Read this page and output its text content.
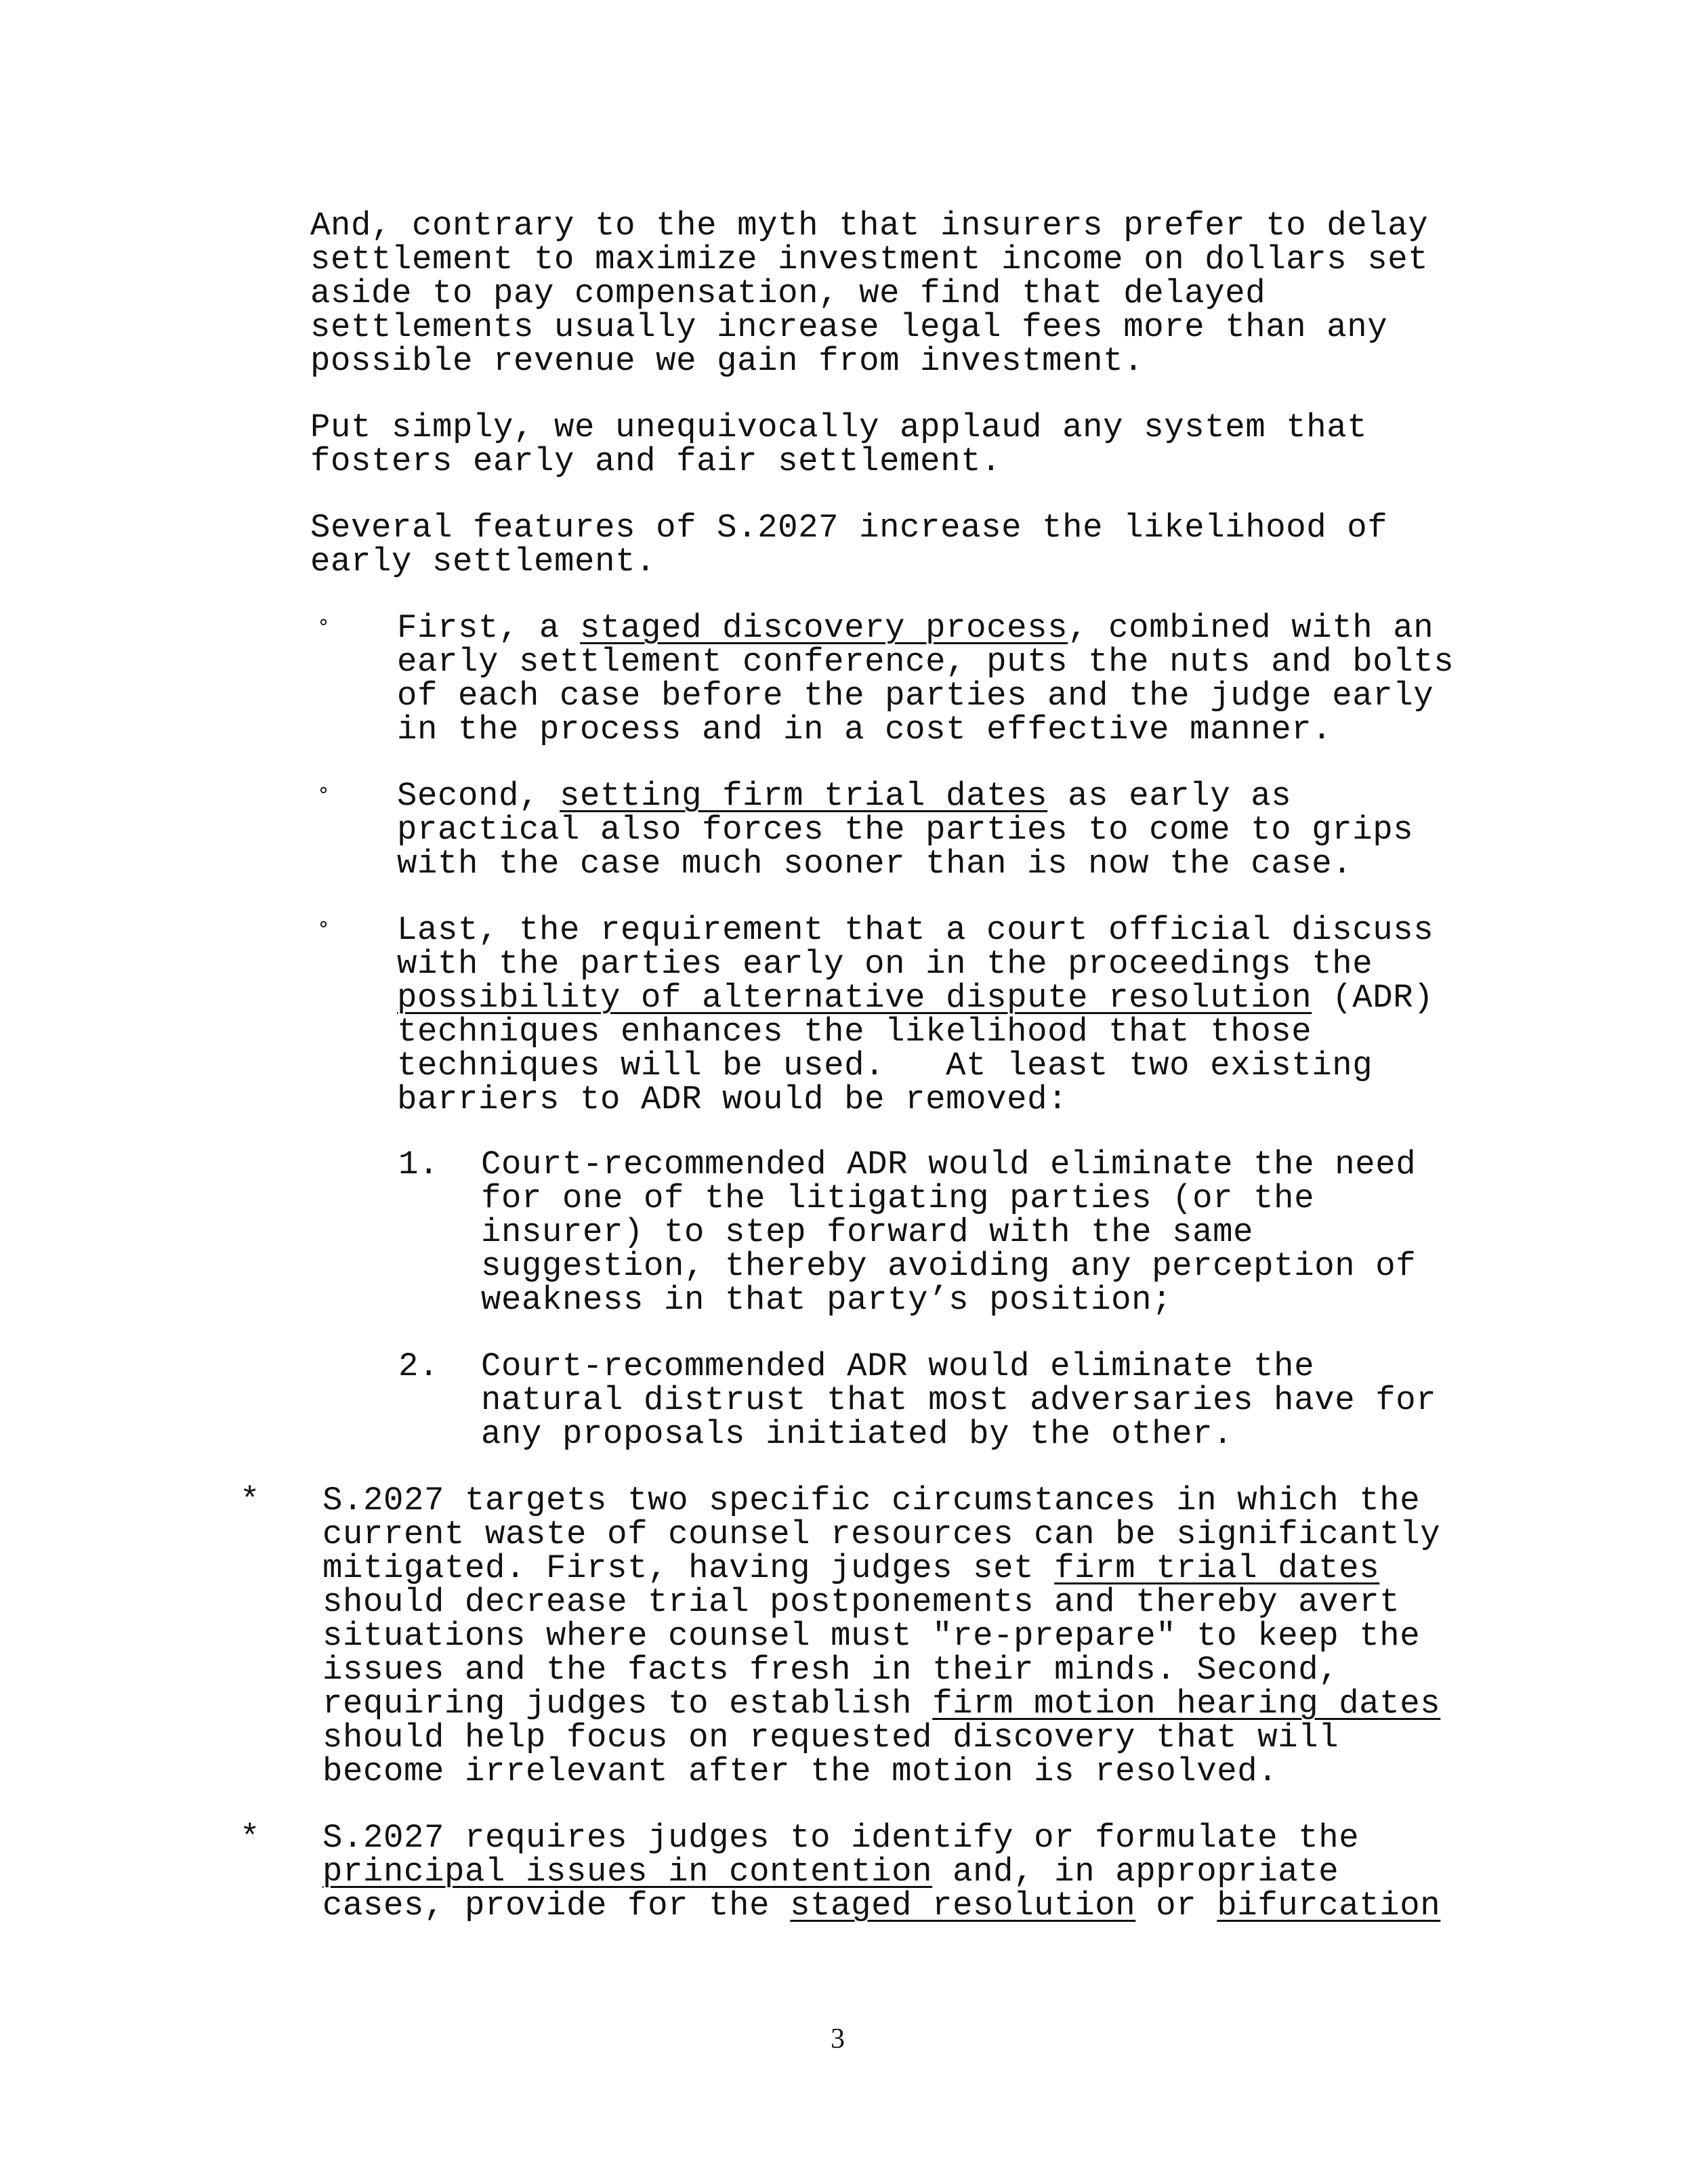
And, contrary to the myth that insurers prefer to delay
settlement to maximize investment income on dollars set
aside to pay compensation, we find that delayed
settlements usually increase legal fees more than any
possible revenue we gain from investment.
Put simply, we unequivocally applaud any system that
fosters early and fair settlement.
Several features of S.2027 increase the likelihood of
early settlement.
° First, a staged discovery process, combined with an
early settlement conference, puts the nuts and bolts
of each case before the parties and the judge early
in the process and in a cost effective manner.
° Second, setting firm trial dates as early as
practical also forces the parties to come to grips
with the case much sooner than is now the case.
° Last, the requirement that a court official discuss
with the parties early on in the proceedings the
possibility of alternative dispute resolution (ADR)
techniques enhances the likelihood that those
techniques will be used.   At least two existing
barriers to ADR would be removed:
1. Court-recommended ADR would eliminate the need
for one of the litigating parties (or the
insurer) to step forward with the same
suggestion, thereby avoiding any perception of
weakness in that party’s position;
2. Court-recommended ADR would eliminate the
natural distrust that most adversaries have for
any proposals initiated by the other.
* S.2027 targets two specific circumstances in which the
current waste of counsel resources can be significantly
mitigated. First, having judges set firm trial dates
should decrease trial postponements and thereby avert
situations where counsel must "re-prepare" to keep the
issues and the facts fresh in their minds. Second,
requiring judges to establish firm motion hearing dates
should help focus on requested discovery that will
become irrelevant after the motion is resolved.
* S.2027 requires judges to identify or formulate the
principal issues in contention and, in appropriate
cases, provide for the staged resolution or bifurcation
3
